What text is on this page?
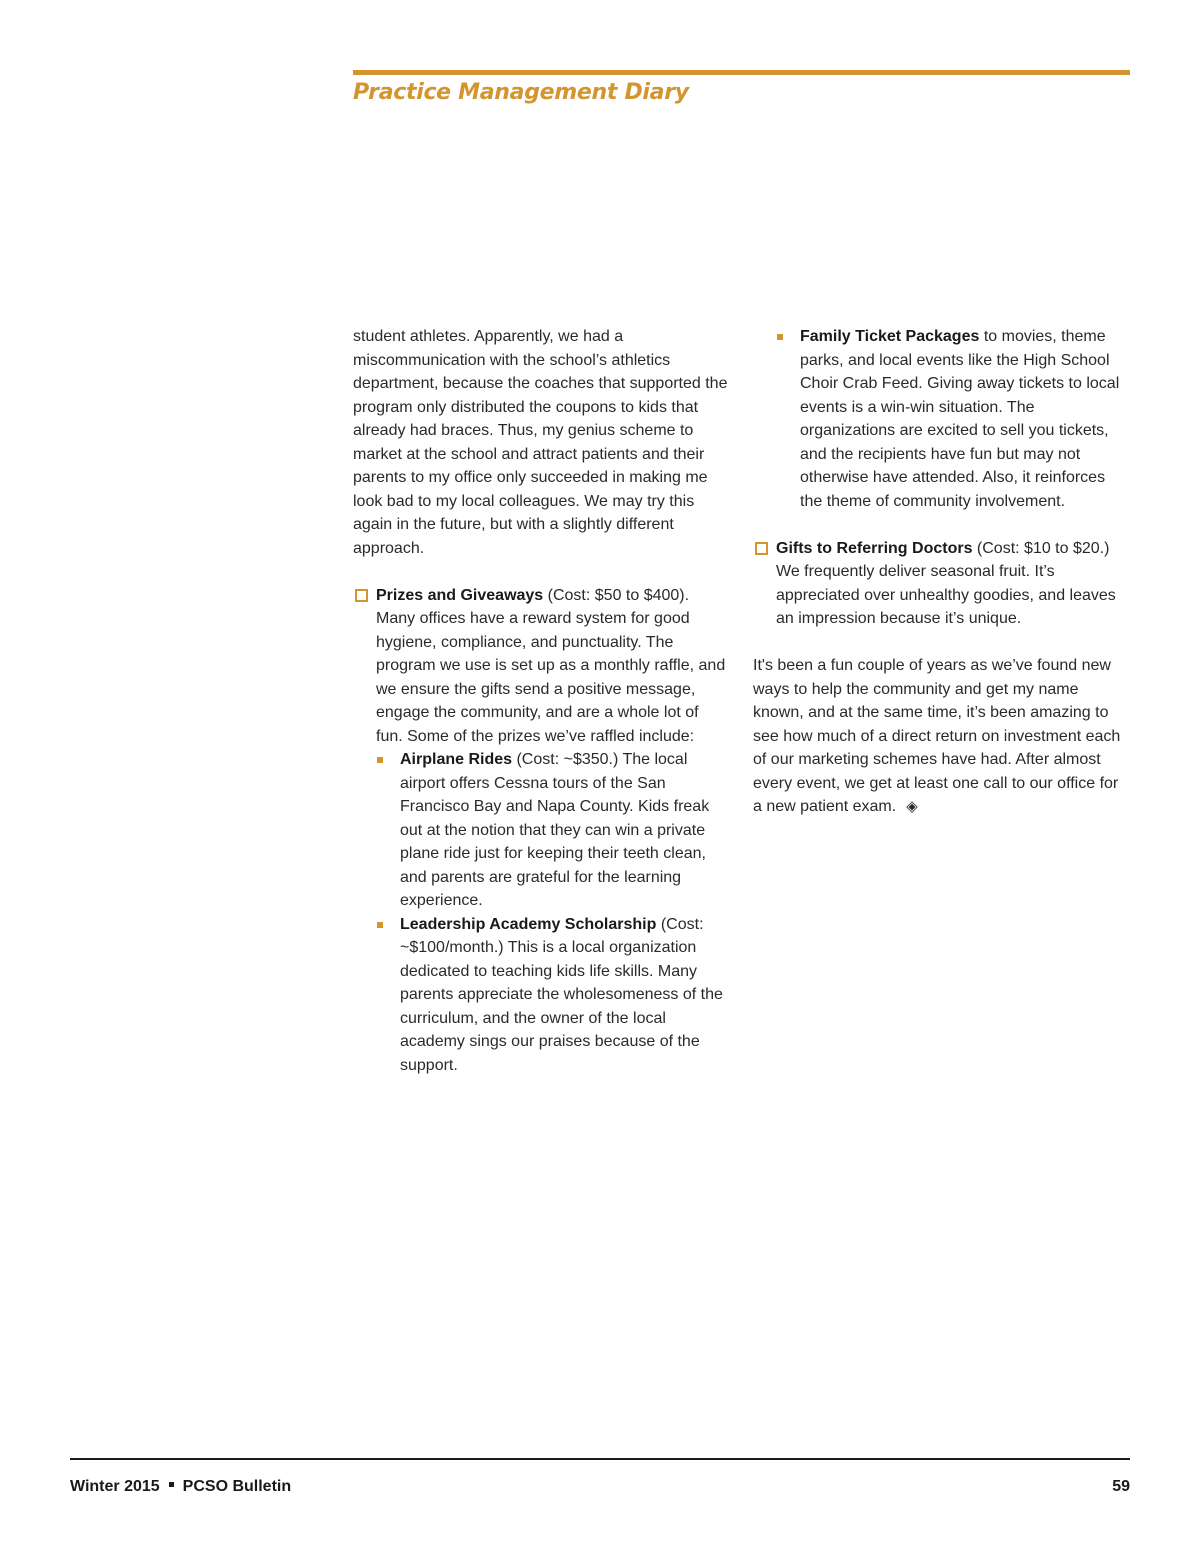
Practice Management Diary

student athletes. Apparently, we had a miscommunication with the school’s athletics department, because the coaches that supported the program only distributed the coupons to kids that already had braces. Thus, my genius scheme to market at the school and attract patients and their parents to my office only succeeded in making me look bad to my local colleagues. We may try this again in the future, but with a slightly different approach.

Prizes and Giveaways (Cost: $50 to $400). Many offices have a reward system for good hygiene, compliance, and punctuality. The program we use is set up as a monthly raffle, and we ensure the gifts send a positive message, engage the community, and are a whole lot of fun. Some of the prizes we’ve raffled include:
Airplane Rides (Cost: ~$350.) The local airport offers Cessna tours of the San Francisco Bay and Napa County. Kids freak out at the notion that they can win a private plane ride just for keeping their teeth clean, and parents are grateful for the learning experience.
Leadership Academy Scholarship (Cost: ~$100/month.) This is a local organization dedicated to teaching kids life skills. Many parents appreciate the wholesomeness of the curriculum, and the owner of the local academy sings our praises because of the support.
Family Ticket Packages to movies, theme parks, and local events like the High School Choir Crab Feed. Giving away tickets to local events is a win-win situation. The organizations are excited to sell you tickets, and the recipients have fun but may not otherwise have attended. Also, it reinforces the theme of community involvement.
Gifts to Referring Doctors (Cost: $10 to $20.) We frequently deliver seasonal fruit. It’s appreciated over unhealthy goodies, and leaves an impression because it’s unique.

It's been a fun couple of years as we’ve found new ways to help the community and get my name known, and at the same time, it’s been amazing to see how much of a direct return on investment each of our marketing schemes have had. After almost every event, we get at least one call to our office for a new patient exam. ◈

Winter 2015 PCSO Bulletin	59
